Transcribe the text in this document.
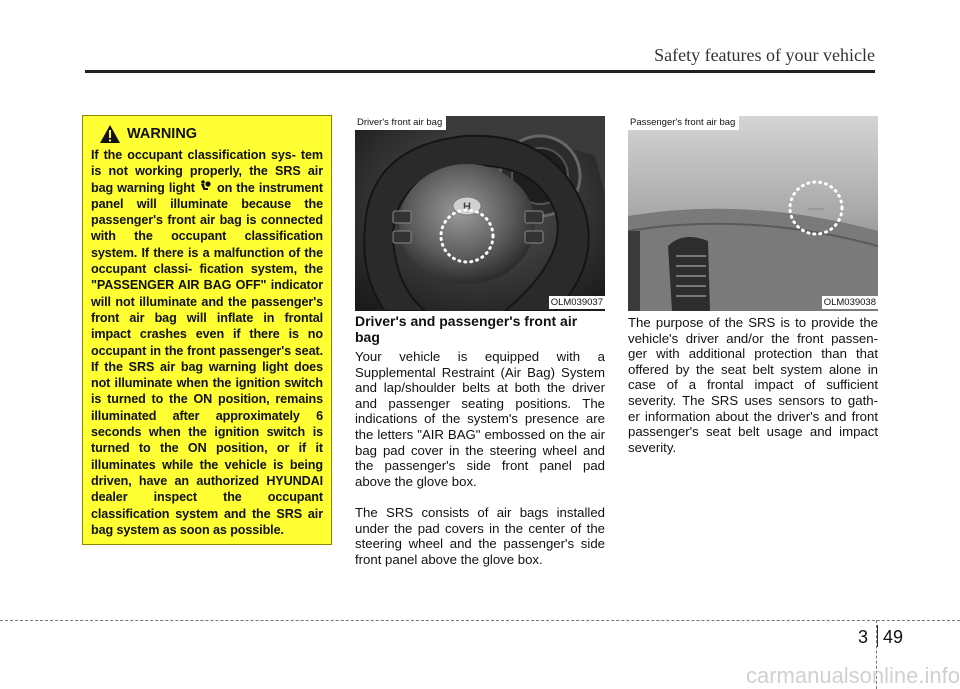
Safety features of your vehicle
WARNING
If the occupant classification sys- tem is not working properly, the SRS air bag warning light on the instrument panel will illuminate because the passenger's front air bag is connected with the occupant classification system. If there is a malfunction of the occupant classi- fication system, the "PASSENGER AIR BAG OFF" indicator will not illuminate and the passenger's front air bag will inflate in frontal impact crashes even if there is no occupant in the front passenger's seat. If the SRS air bag warning light does not illuminate when the ignition switch is turned to the ON position, remains illuminated after approximately 6 seconds when the ignition switch is turned to the ON position, or if it illuminates while the vehicle is being driven, have an authorized HYUNDAI dealer inspect the occupant classification system and the SRS air bag system as soon as possible.
H
Driver's front air bag
OLM039037
Passenger's front air bag
OLM039038
Driver's and passenger's front air bag
Your vehicle is equipped with a Supplemental Restraint (Air Bag) System and lap/shoulder belts at both the driver and passenger seating positions. The indications of the system's presence are the letters "AIR BAG" embossed on the air bag pad cover in the steering wheel and the passenger's side front panel pad above the glove box.
The SRS consists of air bags installed under the pad covers in the center of the steering wheel and the passenger's side front panel above the glove box.
The purpose of the SRS is to provide the vehicle's driver and/or the front passen- ger with additional protection than that offered by the seat belt system alone in case of a frontal impact of sufficient severity. The SRS uses sensors to gath- er information about the driver's and front passenger's seat belt usage and impact severity.
3 49
carmanualsonline.info
